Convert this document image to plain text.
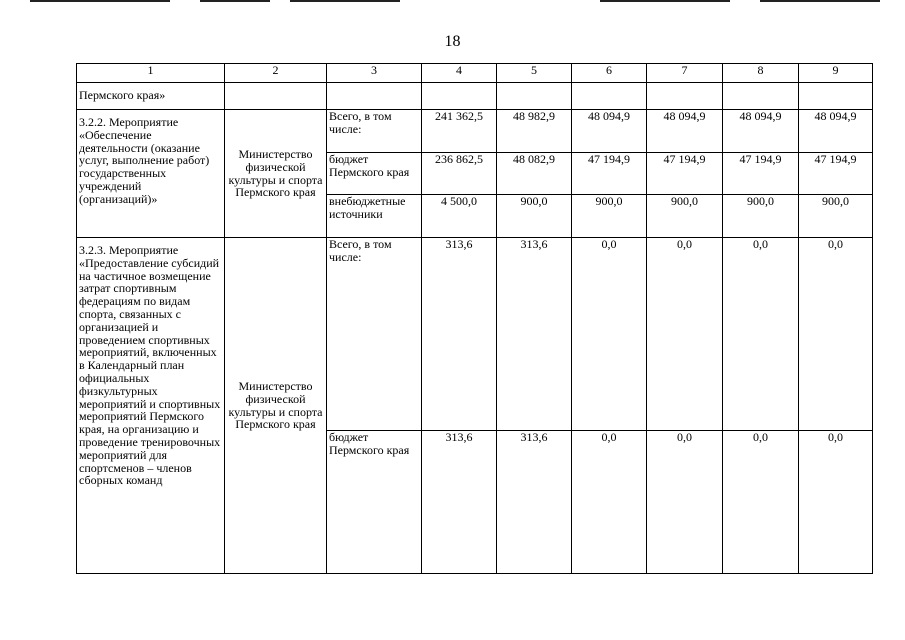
18
1	2	3	4	5	6	7	8	9
Пермского края»								
3.2.2. Мероприятие «Обеспечение деятельности (оказание услуг, выполнение работ) государственных учреждений (организаций)»	Министерство физической культуры и спорта Пермского края	Всего, в том числе:	241 362,5	48 982,9	48 094,9	48 094,9	48 094,9	48 094,9
		бюджет Пермского края	236 862,5	48 082,9	47 194,9	47 194,9	47 194,9	47 194,9
		внебюджетные источники	4 500,0	900,0	900,0	900,0	900,0	900,0
3.2.3. Мероприятие «Предоставление субсидий на частичное возмещение затрат спортивным федерациям по видам спорта, связанных с организацией и проведением спортивных мероприятий, включенных в Календарный план официальных физкультурных мероприятий и спортивных мероприятий Пермского края, на организацию и проведение тренировочных мероприятий для спортсменов – членов сборных команд	Министерство физической культуры и спорта Пермского края	Всего, в том числе:	313,6	313,6	0,0	0,0	0,0	0,0
		бюджет Пермского края	313,6	313,6	0,0	0,0	0,0	0,0
